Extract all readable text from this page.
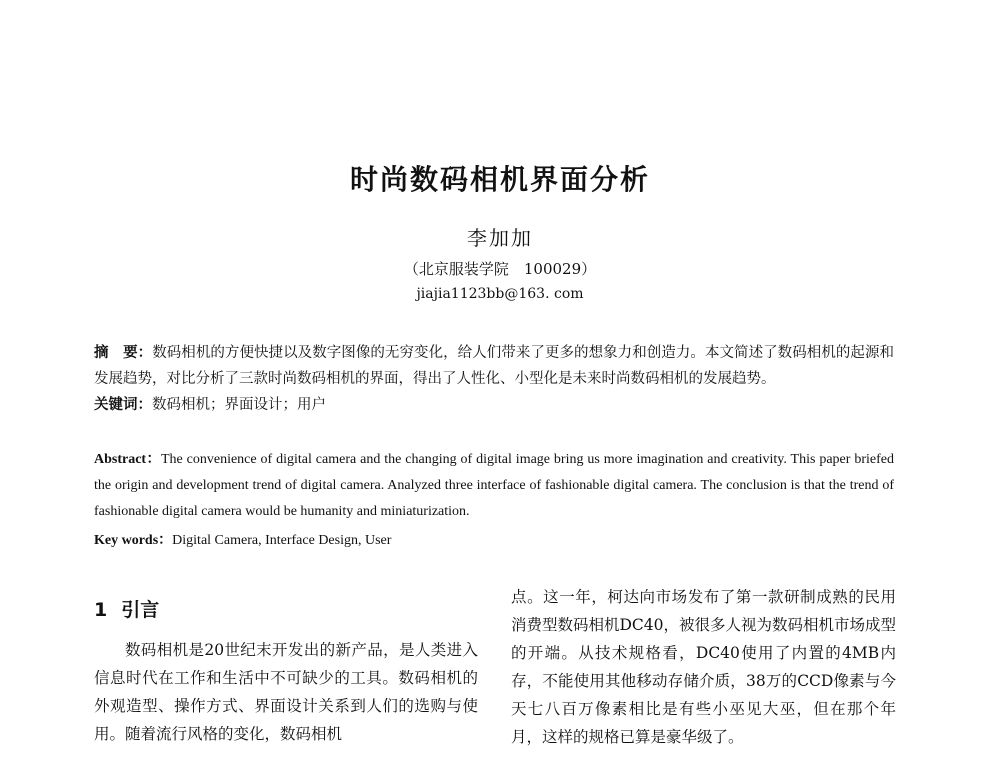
时尚数码相机界面分析
李加加
（北京服装学院　100029）
jiajia1123bb@163. com
摘　要：数码相机的方便快捷以及数字图像的无穷变化，给人们带来了更多的想象力和创造力。本文简述了数码相机的起源和发展趋势，对比分析了三款时尚数码相机的界面，得出了人性化、小型化是未来时尚数码相机的发展趋势。
关键词：数码相机；界面设计；用户
Abstract：The convenience of digital camera and the changing of digital image bring us more imagination and creativity. This paper briefed the origin and development trend of digital camera. Analyzed three interface of fashionable digital camera. The conclusion is that the trend of fashionable digital camera would be humanity and miniaturization.
Key words：Digital Camera, Interface Design, User
1 引言

数码相机是20世纪末开发出的新产品，是人类进入信息时代在工作和生活中不可缺少的工具。数码相机的外观造型、操作方式、界面设计关系到人们的选购与使用。随着流行风格的变化，数码相机

点。这一年，柯达向市场发布了第一款研制成熟的民用消费型数码相机DC40，被很多人视为数码相机市场成型的开端。从技术规格看，DC40使用了内置的4MB内存，不能使用其他移动存储介质，38万的CCD像素与今天七八百万像素相比是有些小巫见大巫，但在那个年月，这样的规格已算是豪华级了。
